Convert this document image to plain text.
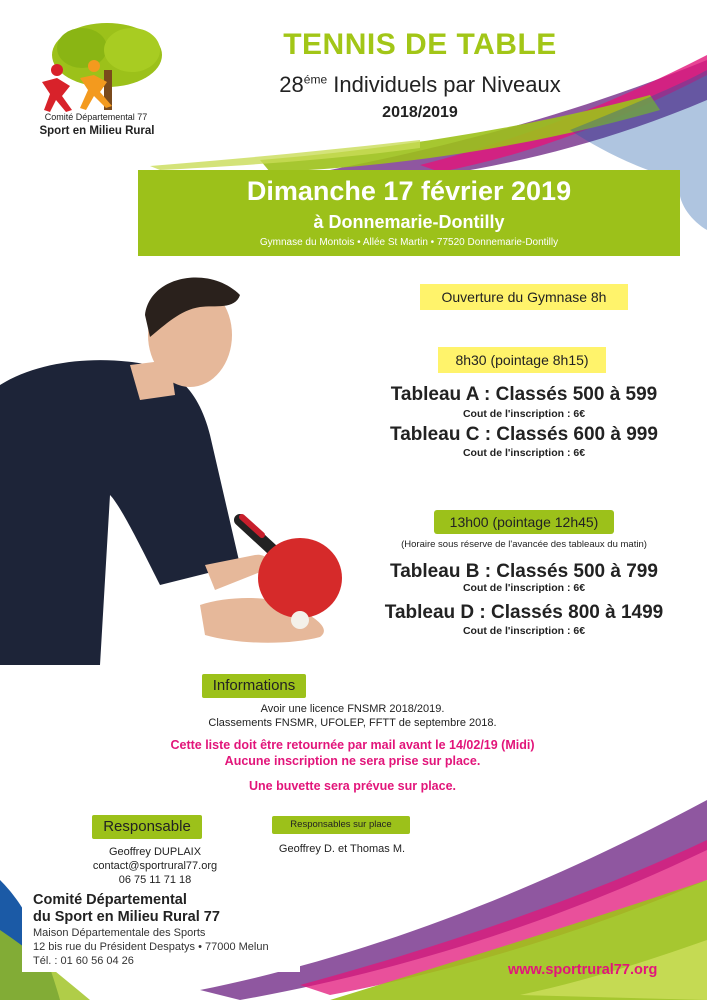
Comité Départemental 77
Sport en Milieu Rural
TENNIS DE TABLE
$28^{éme}$ Individuels par Niveaux
2018/2019
Dimanche 17 février 2019
à Donnemarie-Dontilly
Gymnase du Montois • Allée St Martin • 77520 Donnemarie-Dontilly
Ouverture du Gymnase 8h
8h30 (pointage 8h15)
Tableau A : Classés 500 à 599
Cout de l'inscription : 6€
Tableau C : Classés 600 à 999
Cout de l'inscription : 6€
13h00 (pointage 12h45)
(Horaire sous réserve de l'avancée des tableaux du matin)
Tableau B : Classés 500 à 799
Cout de l'inscription : 6€
Tableau D : Classés 800 à 1499
Cout de l'inscription : 6€
Informations
Avoir une licence FNSMR 2018/2019.
Classements FNSMR, UFOLEP, FFTT de septembre 2018.
Cette liste doit être retournée par mail avant le 14/02/19 (Midi)
Aucune inscription ne sera prise sur place.
Une buvette sera prévue sur place.
Responsable
Geoffrey DUPLAIX
contact@sportrural77.org
06 75 11 71 18
Responsables sur place
Geoffrey D. et Thomas M.
Comité Départemental
du Sport en Milieu Rural 77
Maison Départementale des Sports
12 bis rue du Président Despatys • 77000 Melun
Tél. : 01 60 56 04 26
www.sportrural77.org
